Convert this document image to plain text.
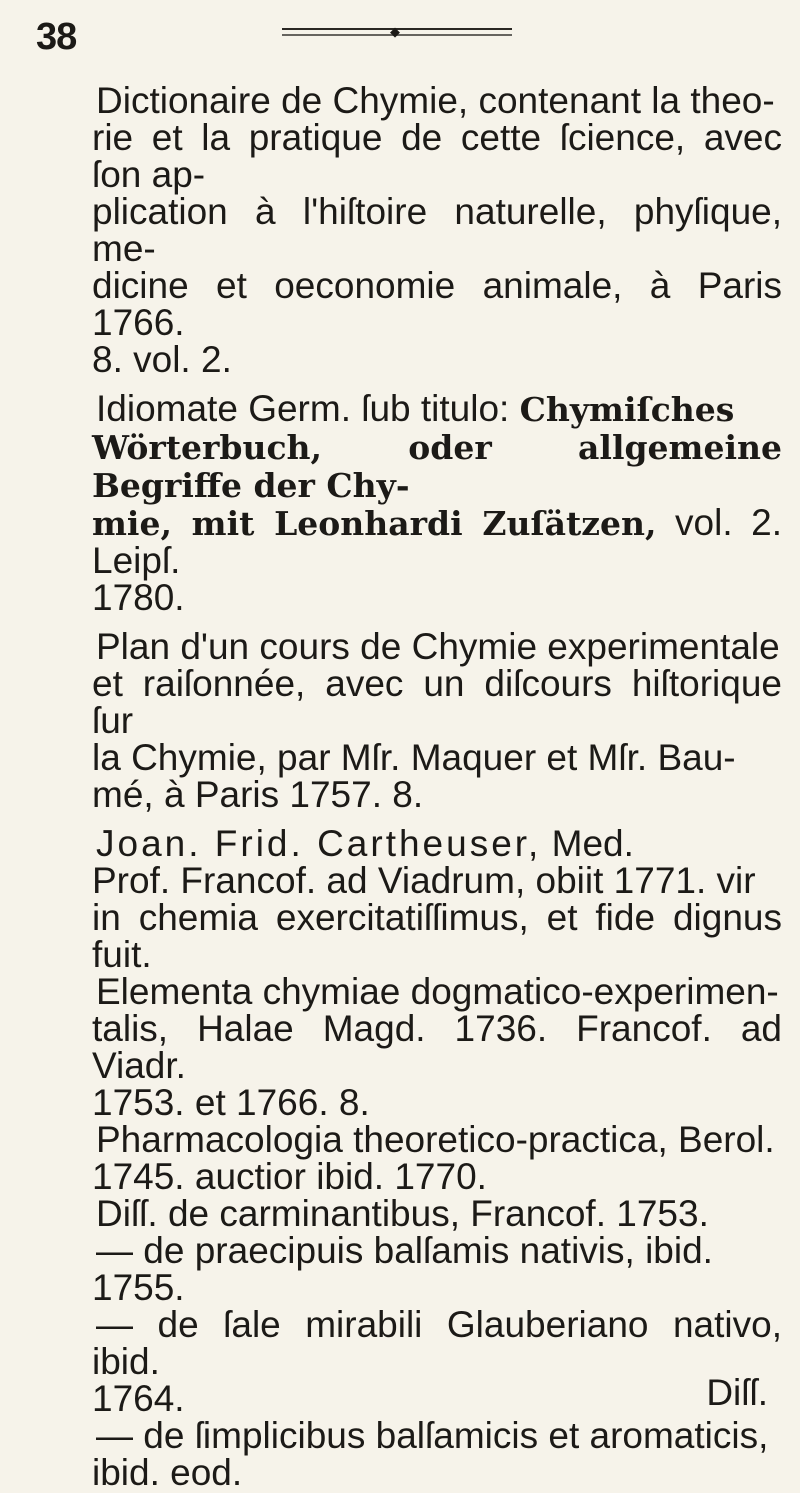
38	◆

Dictionaire de Chymie, contenant la theo-
rie et la pratique de cette ſcience, avec ſon ap-
plication à l'hiſtoire naturelle, phyſique, me-
dicine et oeconomie animale, à Paris 1766.
8. vol. 2.

Idiomate Germ. ſub titulo: Chymiſches
Wörterbuch, oder allgemeine Begriffe der Chy-
mie, mit Leonhardi Zuſätzen, vol. 2. Leipſ.
1780.

Plan d'un cours de Chymie experimentale
et raiſonnée, avec un diſcours hiſtorique ſur
la Chymie, par Mſr. Maquer et Mſr. Bau-
mé, à Paris 1757. 8.

Joan. Frid. Cartheuser, Med.
Prof. Francof. ad Viadrum, obiit 1771. vir
in chemia exercitatiſſimus, et fide dignus fuit.

Elementa chymiae dogmatico-experimen-
talis, Halae Magd. 1736. Francof. ad Viadr.
1753. et 1766. 8.

Pharmacologia theoretico-practica, Berol.
1745. auctior ibid. 1770.

Diſſ. de carminantibus, Francof. 1753.

— de praecipuis balſamis nativis, ibid.
1755.

— de ſale mirabili Glauberiano nativo, ibid.
1764.

— de ſimplicibus balſamicis et aromaticis,
ibid. eod.

Diſſ.
